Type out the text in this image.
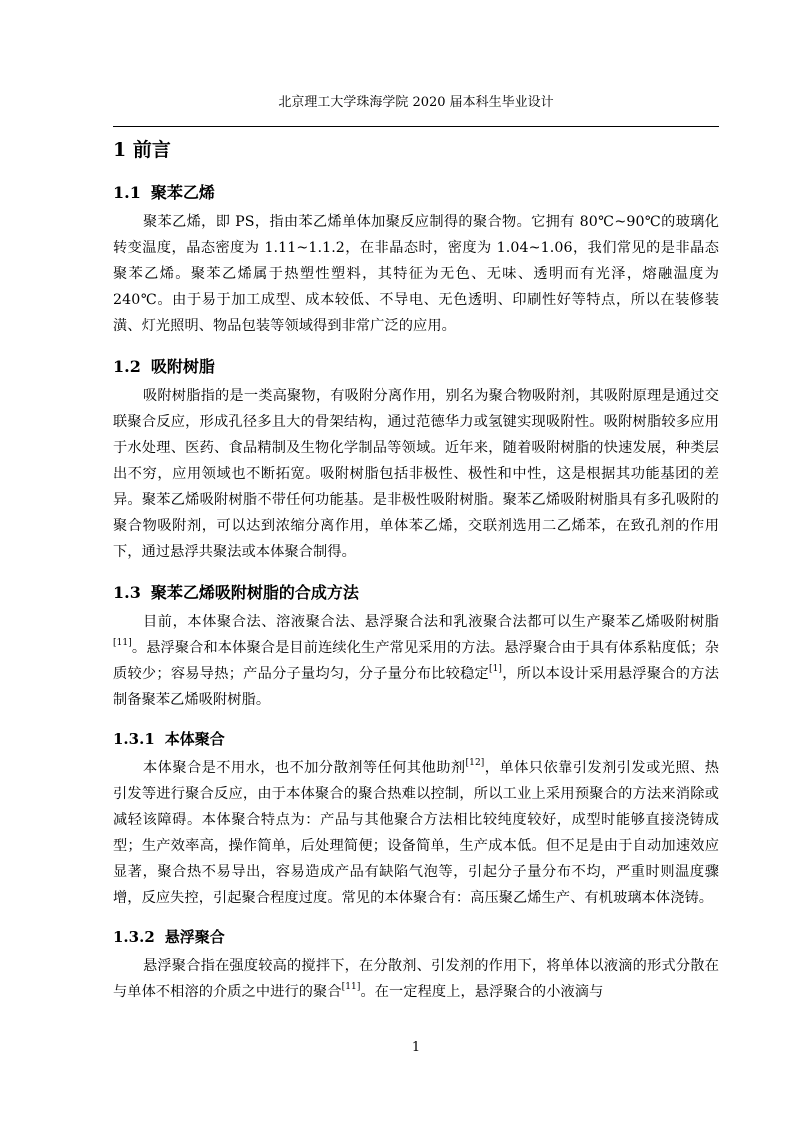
北京理工大学珠海学院 2020 届本科生毕业设计
1 前言
1.1 聚苯乙烯

聚苯乙烯，即 PS，指由苯乙烯单体加聚反应制得的聚合物。它拥有 80℃~90℃的玻璃化转变温度，晶态密度为 1.11~1.1.2，在非晶态时，密度为 1.04~1.06，我们常见的是非晶态聚苯乙烯。聚苯乙烯属于热塑性塑料，其特征为无色、无味、透明而有光泽，熔融温度为 240℃。由于易于加工成型、成本较低、不导电、无色透明、印刷性好等特点，所以在装修装潢、灯光照明、物品包装等领域得到非常广泛的应用。

1.2 吸附树脂

吸附树脂指的是一类高聚物，有吸附分离作用，别名为聚合物吸附剂，其吸附原理是通过交联聚合反应，形成孔径多且大的骨架结构，通过范德华力或氢键实现吸附性。吸附树脂较多应用于水处理、医药、食品精制及生物化学制品等领域。近年来，随着吸附树脂的快速发展，种类层出不穷，应用领域也不断拓宽。吸附树脂包括非极性、极性和中性，这是根据其功能基团的差异。聚苯乙烯吸附树脂不带任何功能基。是非极性吸附树脂。聚苯乙烯吸附树脂具有多孔吸附的聚合物吸附剂，可以达到浓缩分离作用，单体苯乙烯，交联剂选用二乙烯苯，在致孔剂的作用下，通过悬浮共聚法或本体聚合制得。

1.3 聚苯乙烯吸附树脂的合成方法

目前，本体聚合法、溶液聚合法、悬浮聚合法和乳液聚合法都可以生产聚苯乙烯吸附树脂[11]。悬浮聚合和本体聚合是目前连续化生产常见采用的方法。悬浮聚合由于具有体系粘度低；杂质较少；容易导热；产品分子量均匀，分子量分布比较稳定[1]，所以本设计采用悬浮聚合的方法制备聚苯乙烯吸附树脂。

1.3.1 本体聚合

本体聚合是不用水，也不加分散剂等任何其他助剂[12]，单体只依靠引发剂引发或光照、热引发等进行聚合反应，由于本体聚合的聚合热难以控制，所以工业上采用预聚合的方法来消除或减轻该障碍。本体聚合特点为：产品与其他聚合方法相比较纯度较好，成型时能够直接浇铸成型；生产效率高，操作简单，后处理简便；设备简单，生产成本低。但不足是由于自动加速效应显著，聚合热不易导出，容易造成产品有缺陷气泡等，引起分子量分布不均，严重时则温度骤增，反应失控，引起聚合程度过度。常见的本体聚合有：高压聚乙烯生产、有机玻璃本体浇铸。

1.3.2 悬浮聚合

悬浮聚合指在强度较高的搅拌下，在分散剂、引发剂的作用下，将单体以液滴的形式分散在与单体不相溶的介质之中进行的聚合[11]。在一定程度上，悬浮聚合的小液滴与

1
